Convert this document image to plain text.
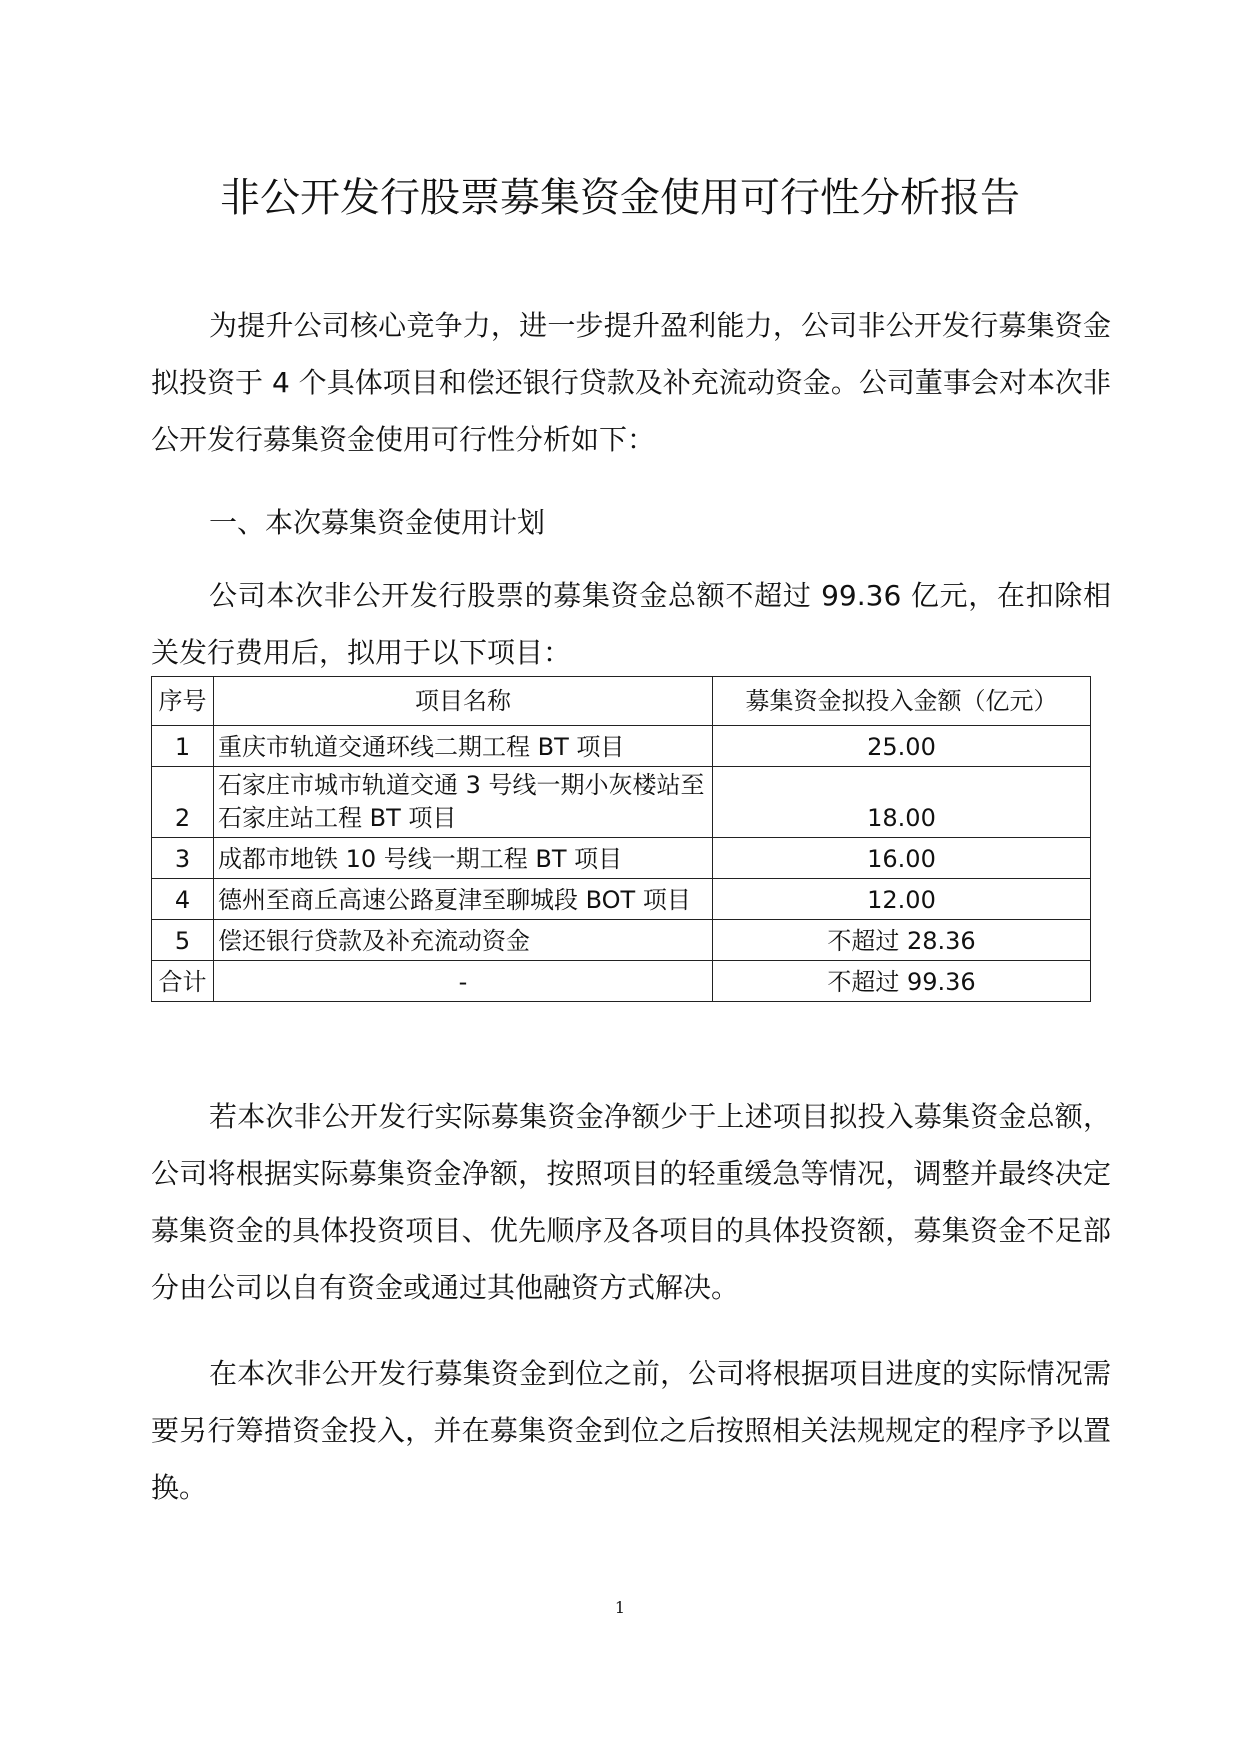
非公开发行股票募集资金使用可行性分析报告

为提升公司核心竞争力，进一步提升盈利能力，公司非公开发行募集资金拟投资于 4 个具体项目和偿还银行贷款及补充流动资金。公司董事会对本次非公开发行募集资金使用可行性分析如下：

一、本次募集资金使用计划

公司本次非公开发行股票的募集资金总额不超过 99.36 亿元，在扣除相关发行费用后，拟用于以下项目：

序号	项目名称	募集资金拟投入金额（亿元）
1	重庆市轨道交通环线二期工程 BT 项目	25.00
2	石家庄市城市轨道交通 3 号线一期小灰楼站至
石家庄站工程 BT 项目	18.00
3	成都市地铁 10 号线一期工程 BT 项目	16.00
4	德州至商丘高速公路夏津至聊城段 BOT 项目	12.00
5	偿还银行贷款及补充流动资金	不超过 28.36
合计	-	不超过 99.36

若本次非公开发行实际募集资金净额少于上述项目拟投入募集资金总额，公司将根据实际募集资金净额，按照项目的轻重缓急等情况，调整并最终决定募集资金的具体投资项目、优先顺序及各项目的具体投资额，募集资金不足部分由公司以自有资金或通过其他融资方式解决。

在本次非公开发行募集资金到位之前，公司将根据项目进度的实际情况需要另行筹措资金投入，并在募集资金到位之后按照相关法规规定的程序予以置换。

1
